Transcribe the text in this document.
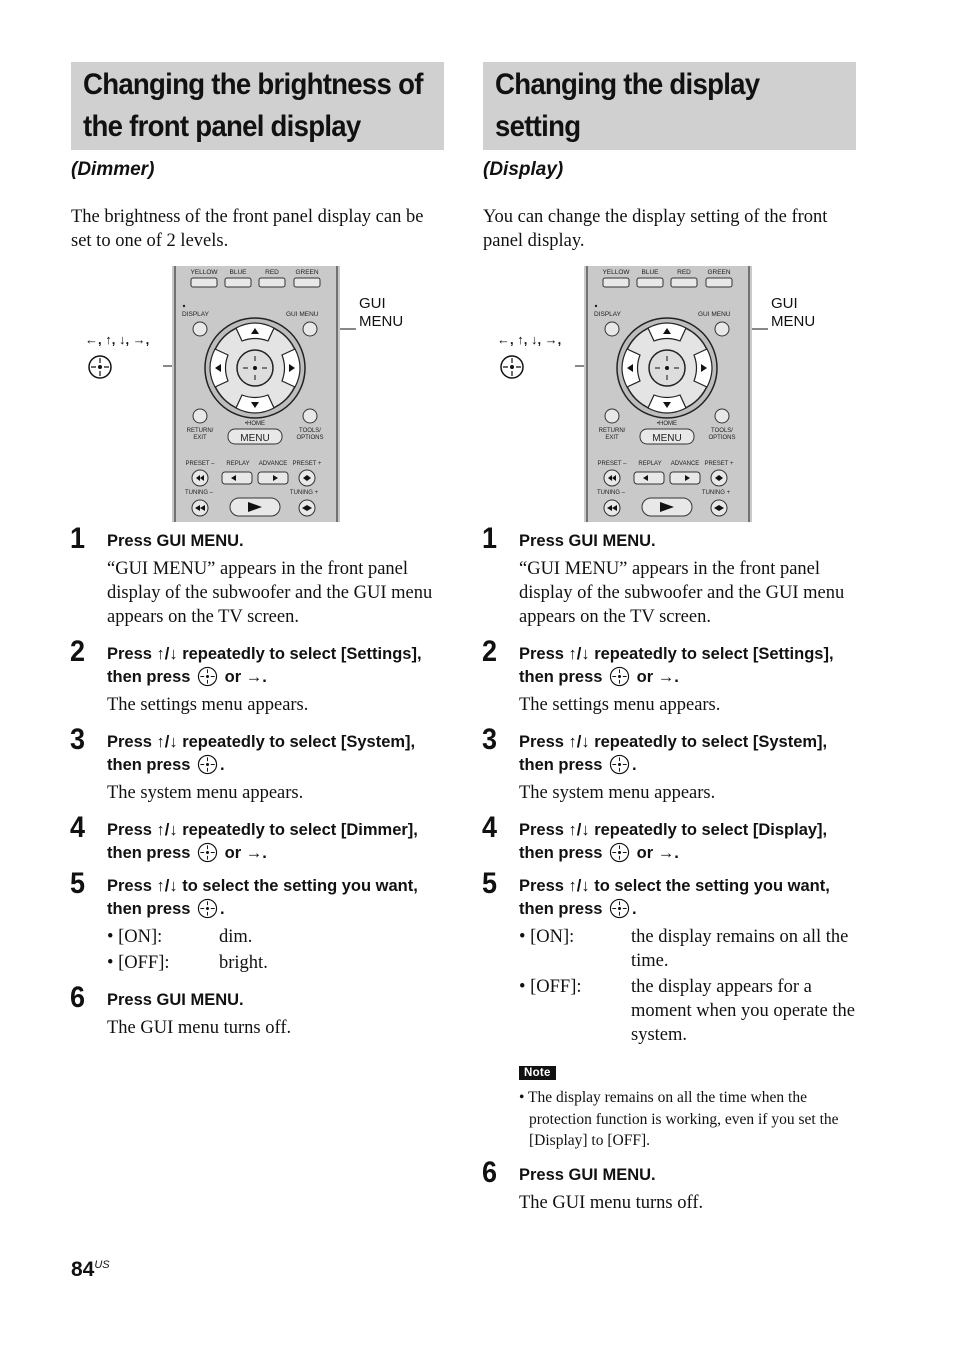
Changing the brightness of
the front panel display
(Dimmer)
The brightness of the front panel display can be set to one of 2 levels.
←, ↑, ↓, →,
GUI
MENU
YELLOW BLUE	RED	GREEN
DISPLAY	GUI MENU
RETURN/
EXIT
•HOME
TOOLS/
OPTIONS
MENU
PRESET – REPLAY ADVANCE PRESET +
TUNING –	TUNING +
1 Press GUI MENU.
“GUI MENU” appears in the front panel display of the subwoofer and the GUI menu appears on the TV screen.
2 Press ↑/↓ repeatedly to select [Settings], then press or →.
The settings menu appears.
3 Press ↑/↓ repeatedly to select [System], then press .
The system menu appears.
4 Press ↑/↓ repeatedly to select [Dimmer], then press or →.
5 Press ↑/↓ to select the setting you want, then press .
• [ON]:	dim.
• [OFF]:	bright.
6 Press GUI MENU.
The GUI menu turns off.
Changing the display
setting
(Display)
You can change the display setting of the front panel display.
←, ↑, ↓, →,
GUI
MENU
YELLOW BLUE	RED	GREEN
DISPLAY	GUI MENU
RETURN/
EXIT
•HOME
TOOLS/
OPTIONS
MENU
PRESET – REPLAY ADVANCE PRESET +
TUNING –	TUNING +
1 Press GUI MENU.
“GUI MENU” appears in the front panel display of the subwoofer and the GUI menu appears on the TV screen.
2 Press ↑/↓ repeatedly to select [Settings], then press or →.
The settings menu appears.
3 Press ↑/↓ repeatedly to select [System], then press .
The system menu appears.
4 Press ↑/↓ repeatedly to select [Display], then press or →.
5 Press ↑/↓ to select the setting you want, then press .
• [ON]:	the display remains on all the time.
• [OFF]:	the display appears for a moment when you operate the system.
Note
• The display remains on all the time when the protection function is working, even if you set the [Display] to [OFF].
6 Press GUI MENU.
The GUI menu turns off.
$84^{US}$
